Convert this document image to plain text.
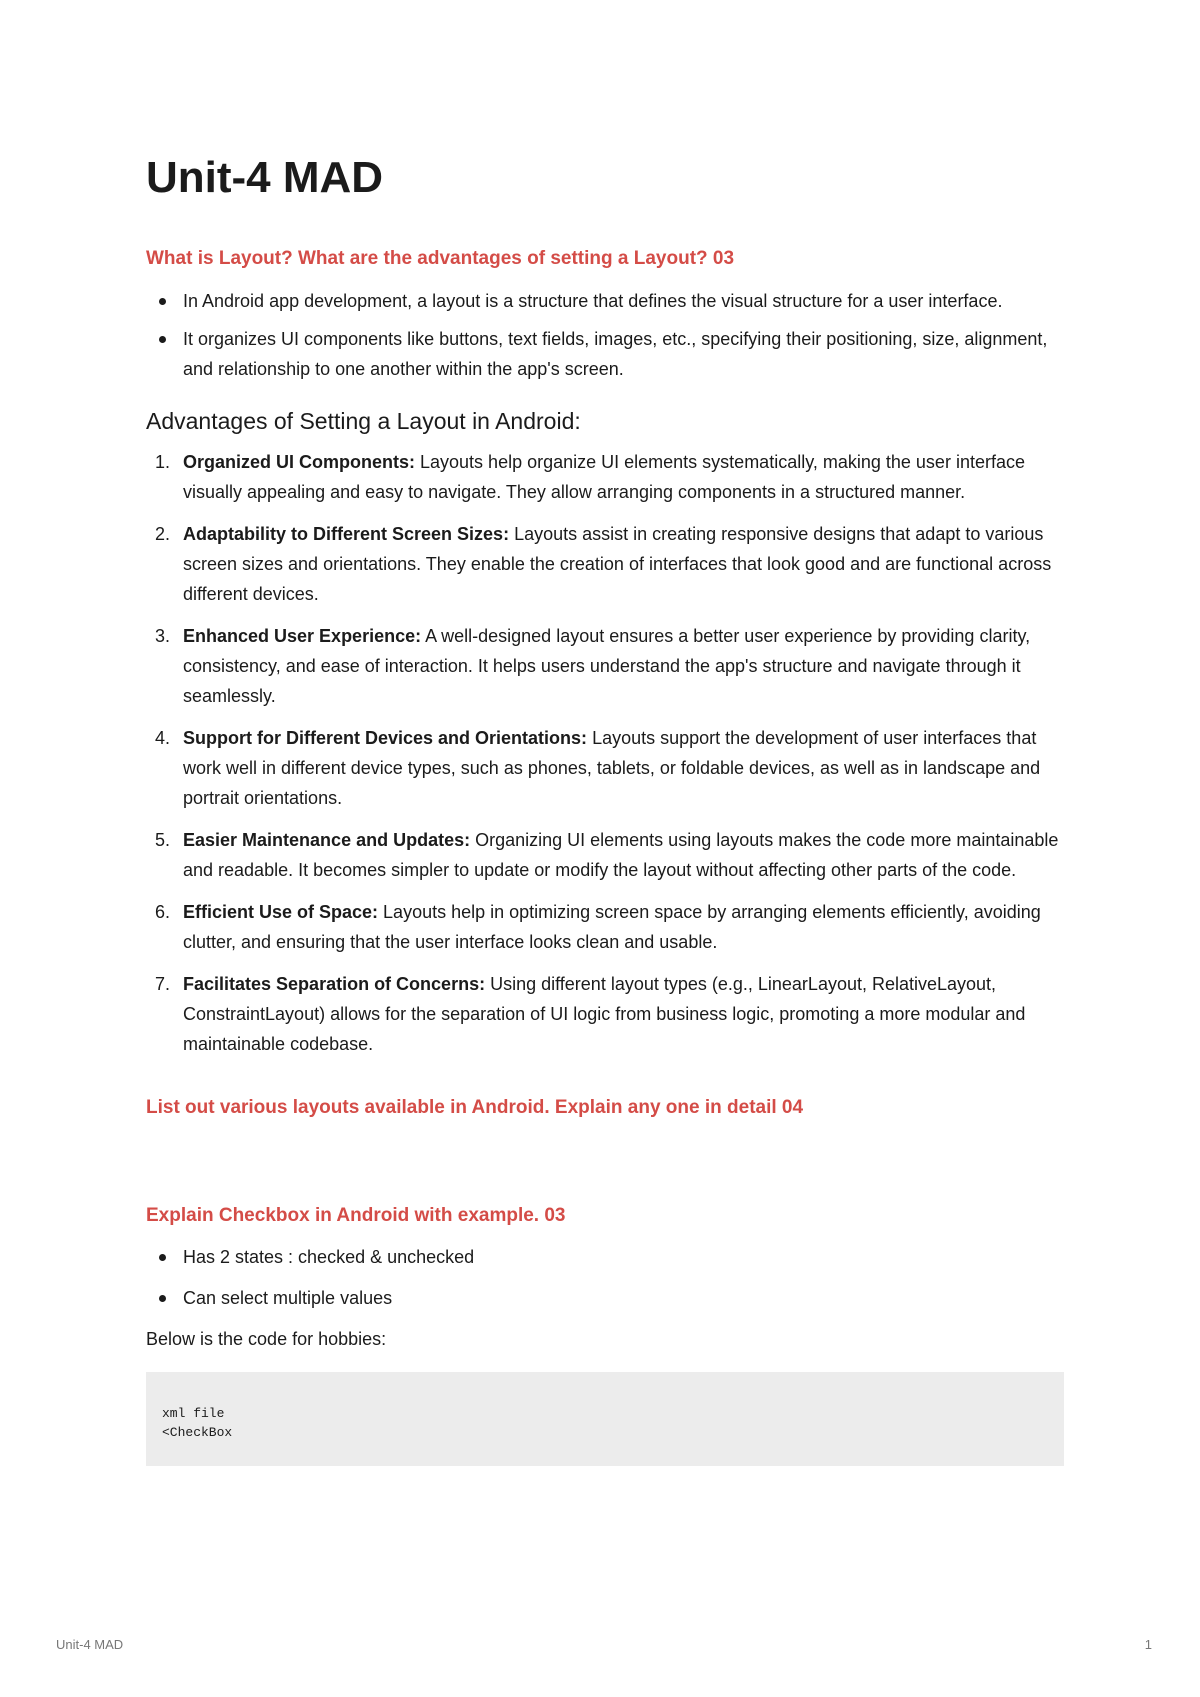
Unit-4 MAD
What is Layout? What are the advantages of setting a Layout? 03
In Android app development, a layout is a structure that defines the visual structure for a user interface.
It organizes UI components like buttons, text fields, images, etc., specifying their positioning, size, alignment, and relationship to one another within the app's screen.
Advantages of Setting a Layout in Android:
1. Organized UI Components: Layouts help organize UI elements systematically, making the user interface visually appealing and easy to navigate. They allow arranging components in a structured manner.
2. Adaptability to Different Screen Sizes: Layouts assist in creating responsive designs that adapt to various screen sizes and orientations. They enable the creation of interfaces that look good and are functional across different devices.
3. Enhanced User Experience: A well-designed layout ensures a better user experience by providing clarity, consistency, and ease of interaction. It helps users understand the app's structure and navigate through it seamlessly.
4. Support for Different Devices and Orientations: Layouts support the development of user interfaces that work well in different device types, such as phones, tablets, or foldable devices, as well as in landscape and portrait orientations.
5. Easier Maintenance and Updates: Organizing UI elements using layouts makes the code more maintainable and readable. It becomes simpler to update or modify the layout without affecting other parts of the code.
6. Efficient Use of Space: Layouts help in optimizing screen space by arranging elements efficiently, avoiding clutter, and ensuring that the user interface looks clean and usable.
7. Facilitates Separation of Concerns: Using different layout types (e.g., LinearLayout, RelativeLayout, ConstraintLayout) allows for the separation of UI logic from business logic, promoting a more modular and maintainable codebase.
List out various layouts available in Android. Explain any one in detail 04
Explain Checkbox in Android with example. 03
Has 2 states : checked & unchecked
Can select multiple values
Below is the code for hobbies:
xml file
<CheckBox
Unit-4 MAD	1
